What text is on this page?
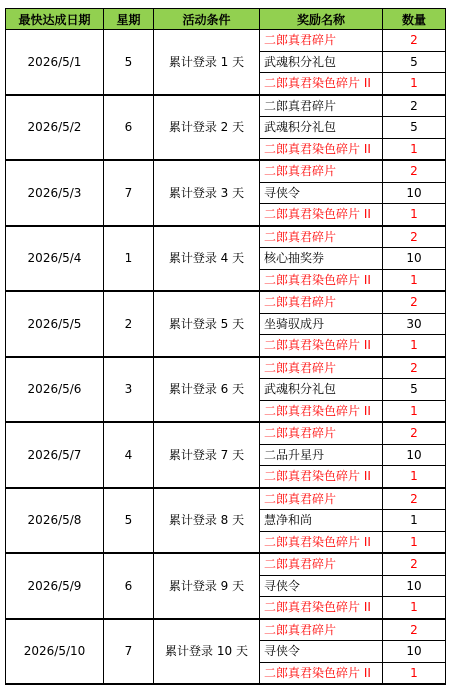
最快达成日期	星期	活动条件	奖励名称	数量
2026/5/1	5	累计登录 1 天	二郎真君碎片	2
			武魂积分礼包	5
			二郎真君染色碎片 II	1
2026/5/2	6	累计登录 2 天	二郎真君碎片	2
			武魂积分礼包	5
			二郎真君染色碎片 II	1
2026/5/3	7	累计登录 3 天	二郎真君碎片	2
			寻侠令	10
			二郎真君染色碎片 II	1
2026/5/4	1	累计登录 4 天	二郎真君碎片	2
			核心抽奖券	10
			二郎真君染色碎片 II	1
2026/5/5	2	累计登录 5 天	二郎真君碎片	2
			坐骑驭成丹	30
			二郎真君染色碎片 II	1
2026/5/6	3	累计登录 6 天	二郎真君碎片	2
			武魂积分礼包	5
			二郎真君染色碎片 II	1
2026/5/7	4	累计登录 7 天	二郎真君碎片	2
			二品升星丹	10
			二郎真君染色碎片 II	1
2026/5/8	5	累计登录 8 天	二郎真君碎片	2
			慧净和尚	1
			二郎真君染色碎片 II	1
2026/5/9	6	累计登录 9 天	二郎真君碎片	2
			寻侠令	10
			二郎真君染色碎片 II	1
2026/5/10	7	累计登录 10 天	二郎真君碎片	2
			寻侠令	10
			二郎真君染色碎片 II	1
